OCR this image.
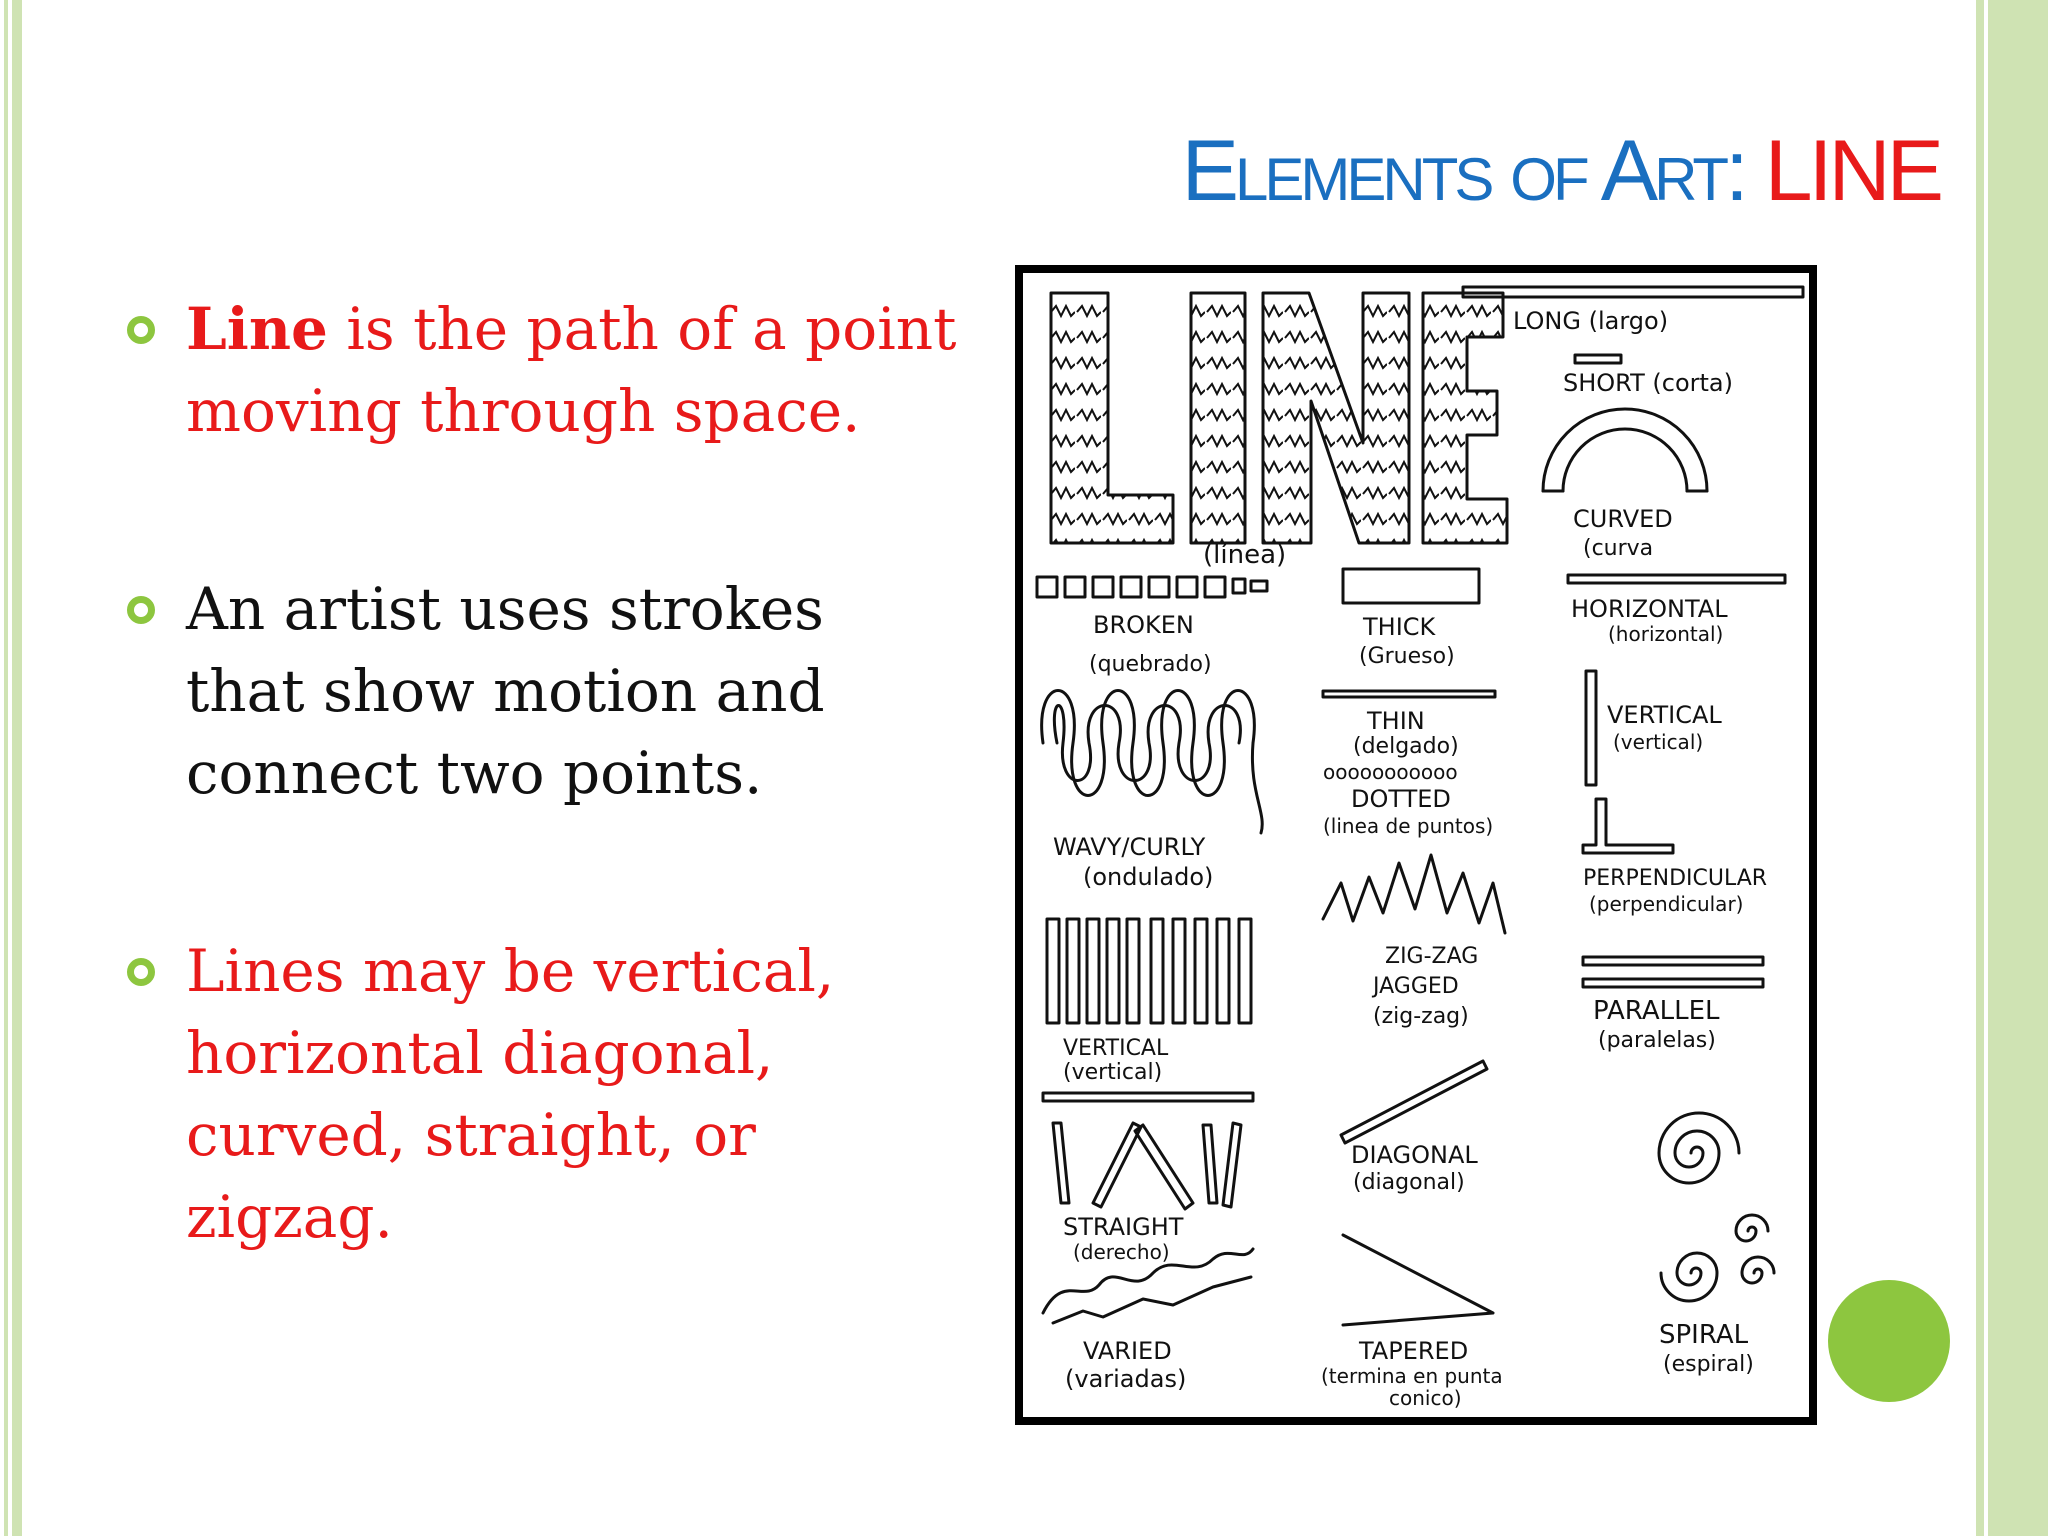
Elements of Art: LINE
Line is the path of a point moving through space.
An artist uses strokes that show motion and connect two points.
Lines may be vertical, horizontal diagonal, curved, straight, or zigzag.
(línea)
LONG (largo)
SHORT (corta)
CURVED
(curva
BROKEN
(quebrado)
THICK
(Grueso)
HORIZONTAL
(horizontal)
THIN
(delgado)
ooooooooooo
DOTTED
(linea de puntos)
VERTICAL
(vertical)
WAVY/CURLY
(ondulado)	PERPENDICULAR
(perpendicular)
ZIG-ZAG
JAGGED
(zig-zag)
VERTICAL
(vertical)
PARALLEL
(paralelas)
DIAGONAL
(diagonal)
STRAIGHT
(derecho)
VARIED
(variadas)
TAPERED
(termina en punta
conico)
SPIRAL
(espiral)
